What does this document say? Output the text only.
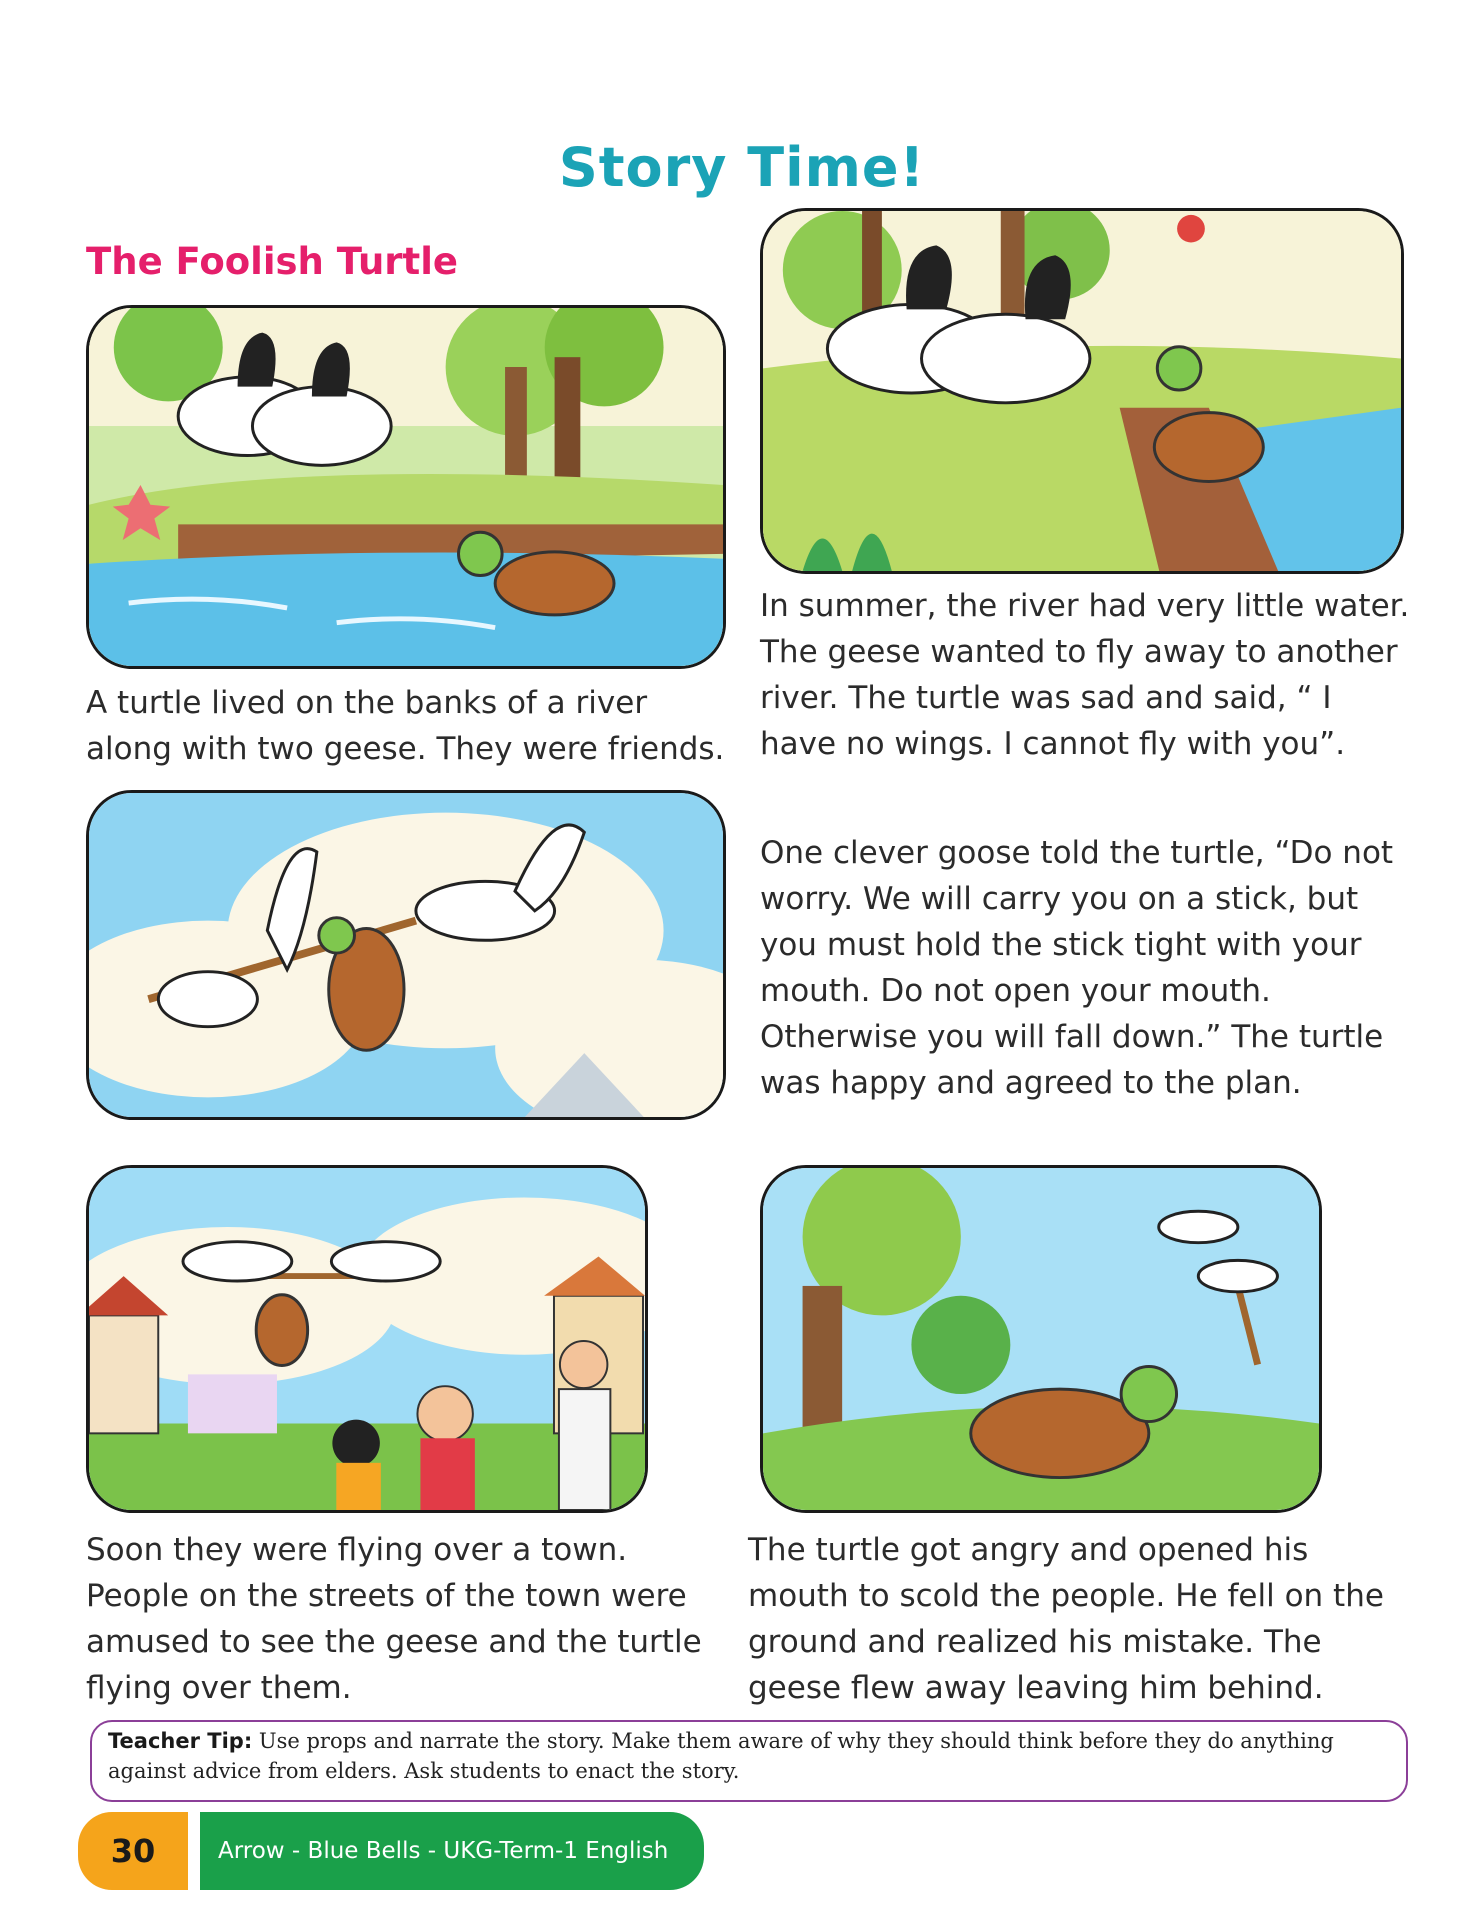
Story Time!
The Foolish Turtle
A turtle lived on the banks of a river along with two geese. They were friends.
In summer, the river had very little water. The geese wanted to fly away to another river. The turtle was sad and said, “ I have no wings. I cannot fly with you”.
One clever goose told the turtle, “Do not worry. We will carry you on a stick, but you must hold the stick tight with your mouth. Do not open your mouth. Otherwise you will fall down.” The turtle was happy and agreed to the plan.
Soon they were flying over a town. People on the streets of the town were amused to see the geese and the turtle flying over them.
The turtle got angry and opened his mouth to scold the people. He fell on the ground and realized his mistake. The geese flew away leaving him behind.
Teacher Tip: Use props and narrate the story. Make them aware of why they should think before they do anything against advice from elders. Ask students to enact the story.
30	Arrow - Blue Bells - UKG-Term-1 English
